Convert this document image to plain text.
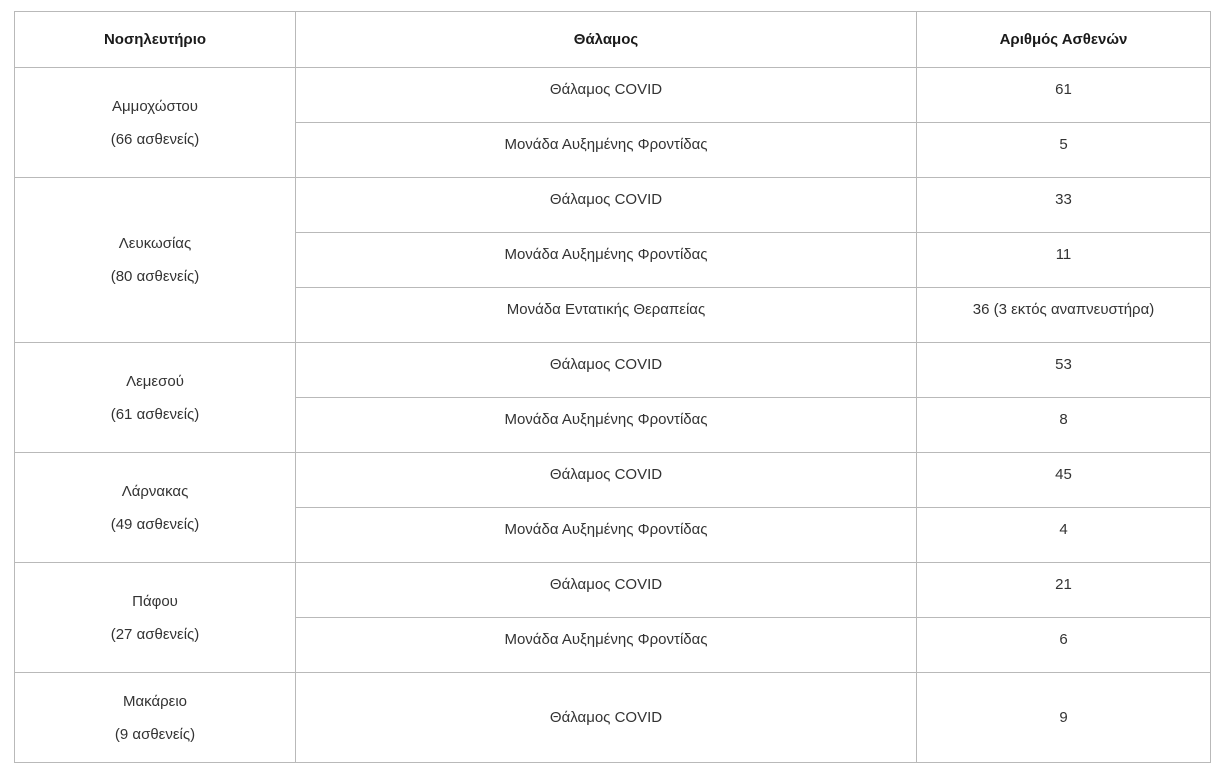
Νοσηλευτήριο	Θάλαμος	Αριθμός Ασθενών

Αμμοχώστου
(66 ασθενείς)	Θάλαμος COVID	61
	Μονάδα Αυξημένης Φροντίδας	5

Λευκωσίας
(80 ασθενείς)	Θάλαμος COVID	33
	Μονάδα Αυξημένης Φροντίδας	11
	Μονάδα Εντατικής Θεραπείας	36 (3 εκτός αναπνευστήρα)

Λεμεσού
(61 ασθενείς)	Θάλαμος COVID	53
	Μονάδα Αυξημένης Φροντίδας	8

Λάρνακας
(49 ασθενείς)	Θάλαμος COVID	45
	Μονάδα Αυξημένης Φροντίδας	4

Πάφου
(27 ασθενείς)	Θάλαμος COVID	21
	Μονάδα Αυξημένης Φροντίδας	6

Μακάρειο
(9 ασθενείς)	Θάλαμος COVID	9
